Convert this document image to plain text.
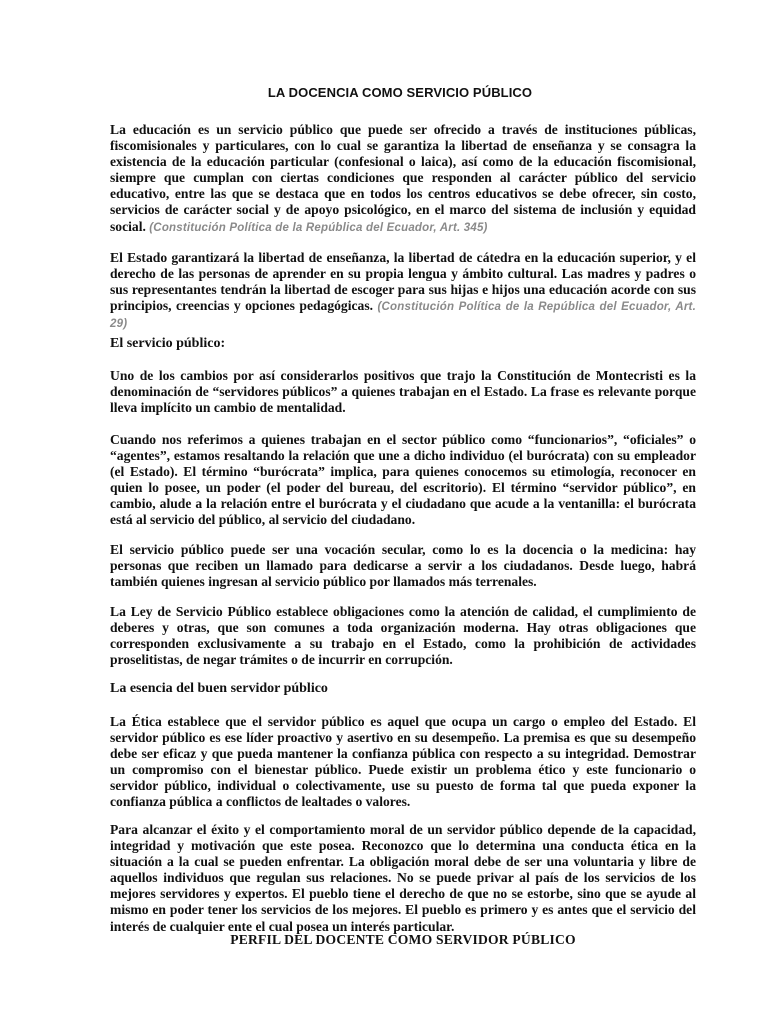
LA DOCENCIA COMO SERVICIO PÚBLICO

La educación es un servicio público que puede ser ofrecido a través de instituciones públicas, fiscomisionales y particulares, con lo cual se garantiza la libertad de enseñanza y se consagra la existencia de la educación particular (confesional o laica), así como de la educación fiscomisional, siempre que cumplan con ciertas condiciones que responden al carácter público del servicio educativo, entre las que se destaca que en todos los centros educativos se debe ofrecer, sin costo, servicios de carácter social y de apoyo psicológico, en el marco del sistema de inclusión y equidad social. (Constitución Política de la República del Ecuador, Art. 345)

El Estado garantizará la libertad de enseñanza, la libertad de cátedra en la educación superior, y el derecho de las personas de aprender en su propia lengua y ámbito cultural. Las madres y padres o sus representantes tendrán la libertad de escoger para sus hijas e hijos una educación acorde con sus principios, creencias y opciones pedagógicas. (Constitución Política de la República del Ecuador, Art. 29)

El servicio público:

Uno de los cambios por así considerarlos positivos que trajo la Constitución de Montecristi es la denominación de “servidores públicos” a quienes trabajan en el Estado. La frase es relevante porque lleva implícito un cambio de mentalidad.

Cuando nos referimos a quienes trabajan en el sector público como “funcionarios”, “oficiales” o “agentes”, estamos resaltando la relación que une a dicho individuo (el burócrata) con su empleador (el Estado). El término “burócrata” implica, para quienes conocemos su etimología, reconocer en quien lo posee, un poder (el poder del bureau, del escritorio). El término “servidor público”, en cambio, alude a la relación entre el burócrata y el ciudadano que acude a la ventanilla: el burócrata está al servicio del público, al servicio del ciudadano.

El servicio público puede ser una vocación secular, como lo es la docencia o la medicina: hay personas que reciben un llamado para dedicarse a servir a los ciudadanos. Desde luego, habrá también quienes ingresan al servicio público por llamados más terrenales.

La Ley de Servicio Público establece obligaciones como la atención de calidad, el cumplimiento de deberes y otras, que son comunes a toda organización moderna. Hay otras obligaciones que corresponden exclusivamente a su trabajo en el Estado, como la prohibición de actividades proselitistas, de negar trámites o de incurrir en corrupción.

La esencia del buen servidor público

La Ética establece que el servidor público es aquel que ocupa un cargo o empleo del Estado. El servidor público es ese líder proactivo y asertivo en su desempeño. La premisa es que su desempeño debe ser eficaz y que pueda mantener la confianza pública con respecto a su integridad. Demostrar un compromiso con el bienestar público. Puede existir un problema ético y este funcionario o servidor público, individual o colectivamente, use su puesto de forma tal que pueda exponer la confianza pública a conflictos de lealtades o valores.

Para alcanzar el éxito y el comportamiento moral de un servidor público depende de la capacidad, integridad y motivación que este posea. Reconozco que lo determina una conducta ética en la situación a la cual se pueden enfrentar. La obligación moral debe de ser una voluntaria y libre de aquellos individuos que regulan sus relaciones. No se puede privar al país de los servicios de los mejores servidores y expertos. El pueblo tiene el derecho de que no se estorbe, sino que se ayude al mismo en poder tener los servicios de los mejores. El pueblo es primero y es antes que el servicio del interés de cualquier ente el cual posea un interés particular.

PERFIL DEL DOCENTE COMO SERVIDOR PÚBLICO
